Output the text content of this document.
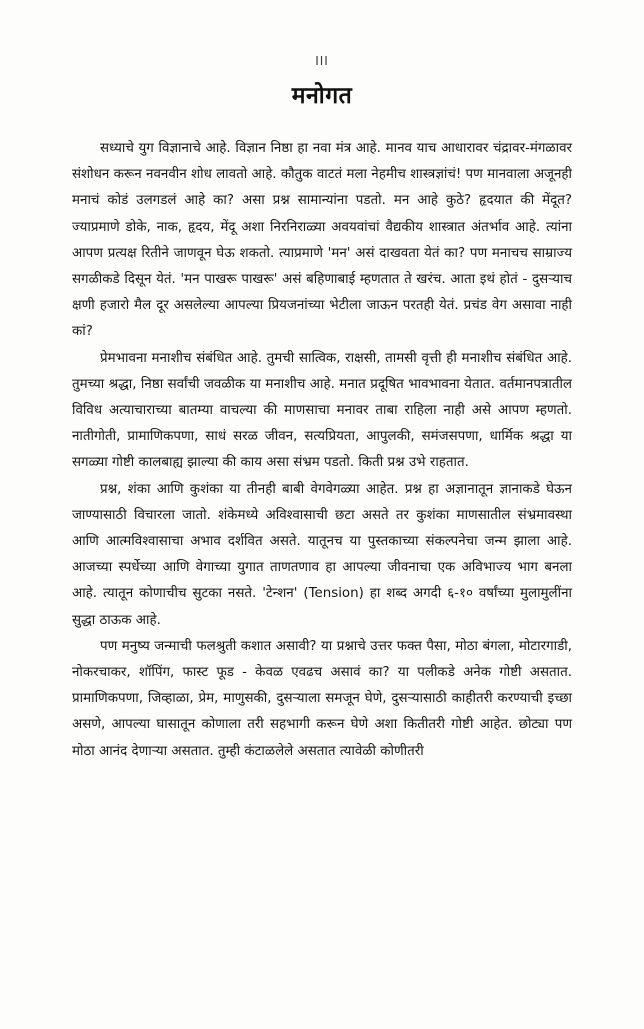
III
मनोगत

सध्याचे युग विज्ञानाचे आहे. विज्ञान निष्ठा हा नवा मंत्र आहे. मानव याच आधारावर चंद्रावर-मंगळावर संशोधन करून नवनवीन शोध लावतो आहे. कौतुक वाटतं मला नेहमीच शास्त्रज्ञांचं! पण मानवाला अजूनही मनाचं कोडं उलगडलं आहे का? असा प्रश्न सामान्यांना पडतो. मन आहे कुठे? हृदयात की मेंदूत? ज्याप्रमाणे डोके, नाक, हृदय, मेंदू अशा निरनिराळ्या अवयवांचां वैद्यकीय शास्त्रात अंतर्भाव आहे. त्यांना आपण प्रत्यक्ष रितीने जाणवून घेऊ शकतो. त्याप्रमाणे 'मन' असं दाखवता येतं का? पण मनाचच साम्राज्य सगळीकडे दिसून येतं. 'मन पाखरू पाखरू' असं बहिणाबाई म्हणतात ते खरंच. आता इथं होतं - दुसऱ्याच क्षणी हजारो मैल दूर असलेल्या आपल्या प्रियजनांच्या भेटीला जाऊन परतही येतं. प्रचंड वेग असावा नाही कां?

प्रेमभावना मनाशीच संबंधित आहे. तुमची सात्विक, राक्षसी, तामसी वृत्ती ही मनाशीच संबंधित आहे. तुमच्या श्रद्धा, निष्ठा सर्वांची जवळीक या मनाशीच आहे. मनात प्रदूषित भावभावना येतात. वर्तमानपत्रातील विविध अत्याचाराच्या बातम्या वाचल्या की माणसाचा मनावर ताबा राहिला नाही असे आपण म्हणतो. नातीगोती, प्रामाणिकपणा, साधं सरळ जीवन, सत्यप्रियता, आपुलकी, समंजसपणा, धार्मिक श्रद्धा या सगळ्या गोष्टी कालबाह्य झाल्या की काय असा संभ्रम पडतो. किती प्रश्न उभे राहतात.

प्रश्न, शंका आणि कुशंका या तीनही बाबी वेगवेगळ्या आहेत. प्रश्न हा अज्ञानातून ज्ञानाकडे घेऊन जाण्यासाठी विचारला जातो. शंकेमध्ये अविश्वासाची छटा असते तर कुशंका माणसातील संभ्रमावस्था आणि आत्मविश्वासाचा अभाव दर्शवित असते. यातूनच या पुस्तकाच्या संकल्पनेचा जन्म झाला आहे. आजच्या स्पर्धेच्या आणि वेगाच्या युगात ताणतणाव हा आपल्या जीवनाचा एक अविभाज्य भाग बनला आहे. त्यातून कोणाचीच सुटका नसते. 'टेन्शन' (Tension) हा शब्द अगदी ६-१० वर्षांच्या मुलामुलींना सुद्धा ठाऊक आहे.

पण मनुष्य जन्माची फलश्रुती कशात असावी? या प्रश्नाचे उत्तर फक्त पैसा, मोठा बंगला, मोटारगाडी, नोकरचाकर, शॉपिंग, फास्ट फूड - केवळ एवढच असावं का? या पलीकडे अनेक गोष्टी असतात. प्रामाणिकपणा, जिव्हाळा, प्रेम, माणुसकी, दुसऱ्याला समजून घेणे, दुसऱ्यासाठी काहीतरी करण्याची इच्छा असणे, आपल्या घासातून कोणाला तरी सहभागी करून घेणे अशा कितीतरी गोष्टी आहेत. छोट्या पण मोठा आनंद देणाऱ्या असतात. तुम्ही कंटाळलेले असतात त्यावेळी कोणीतरी
